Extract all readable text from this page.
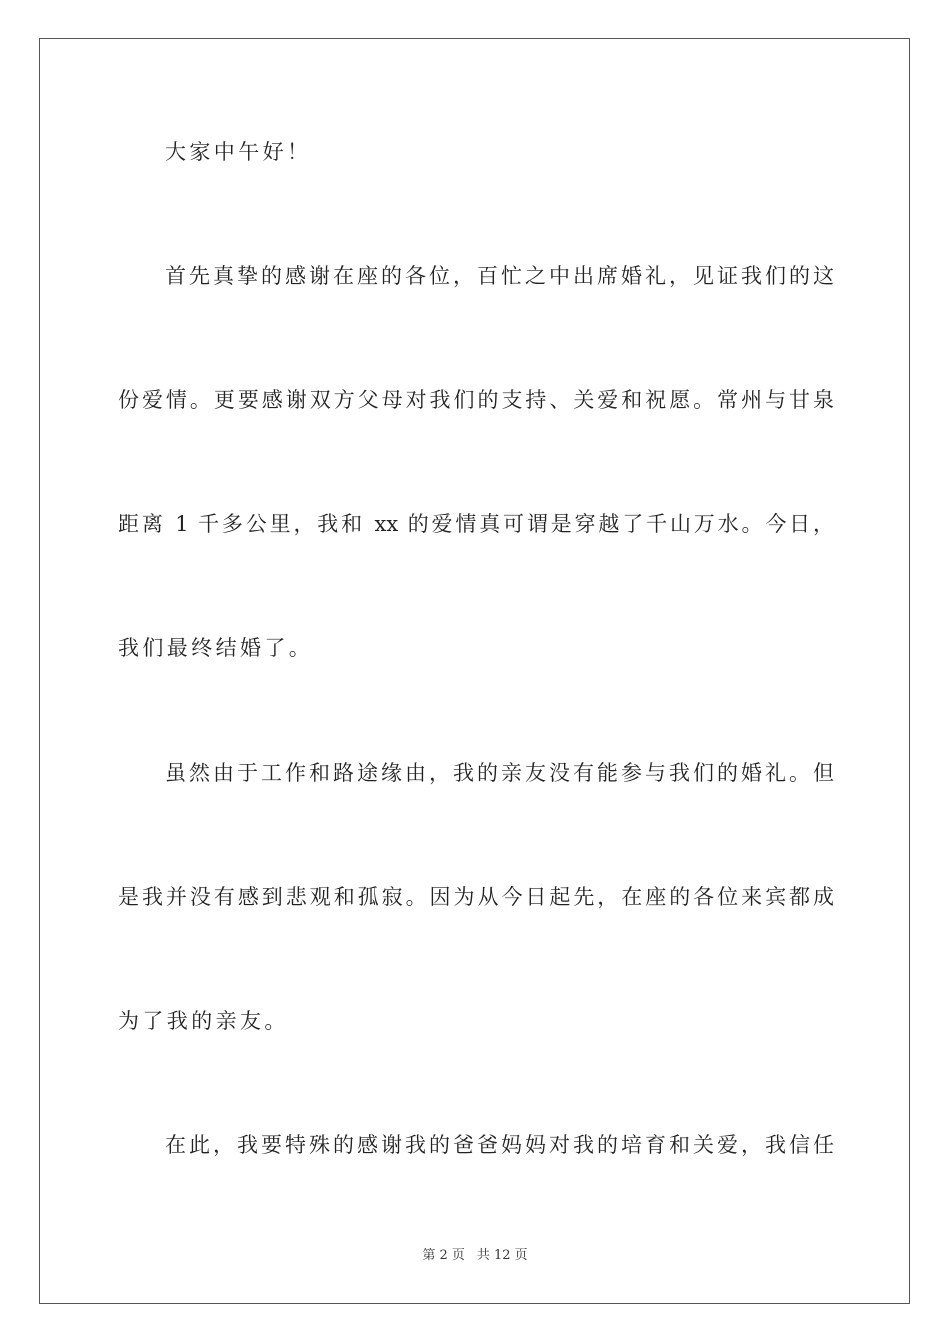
大家中午好！
首先真挚的感谢在座的各位，百忙之中出席婚礼，见证我们的这
份爱情。更要感谢双方父母对我们的支持、关爱和祝愿。常州与甘泉
距离 1 千多公里，我和 xx 的爱情真可谓是穿越了千山万水。今日，
我们最终结婚了。
虽然由于工作和路途缘由，我的亲友没有能参与我们的婚礼。但
是我并没有感到悲观和孤寂。因为从今日起先，在座的各位来宾都成
为了我的亲友。
在此，我要特殊的感谢我的爸爸妈妈对我的培育和关爱，我信任
第 2 页 共 12 页
